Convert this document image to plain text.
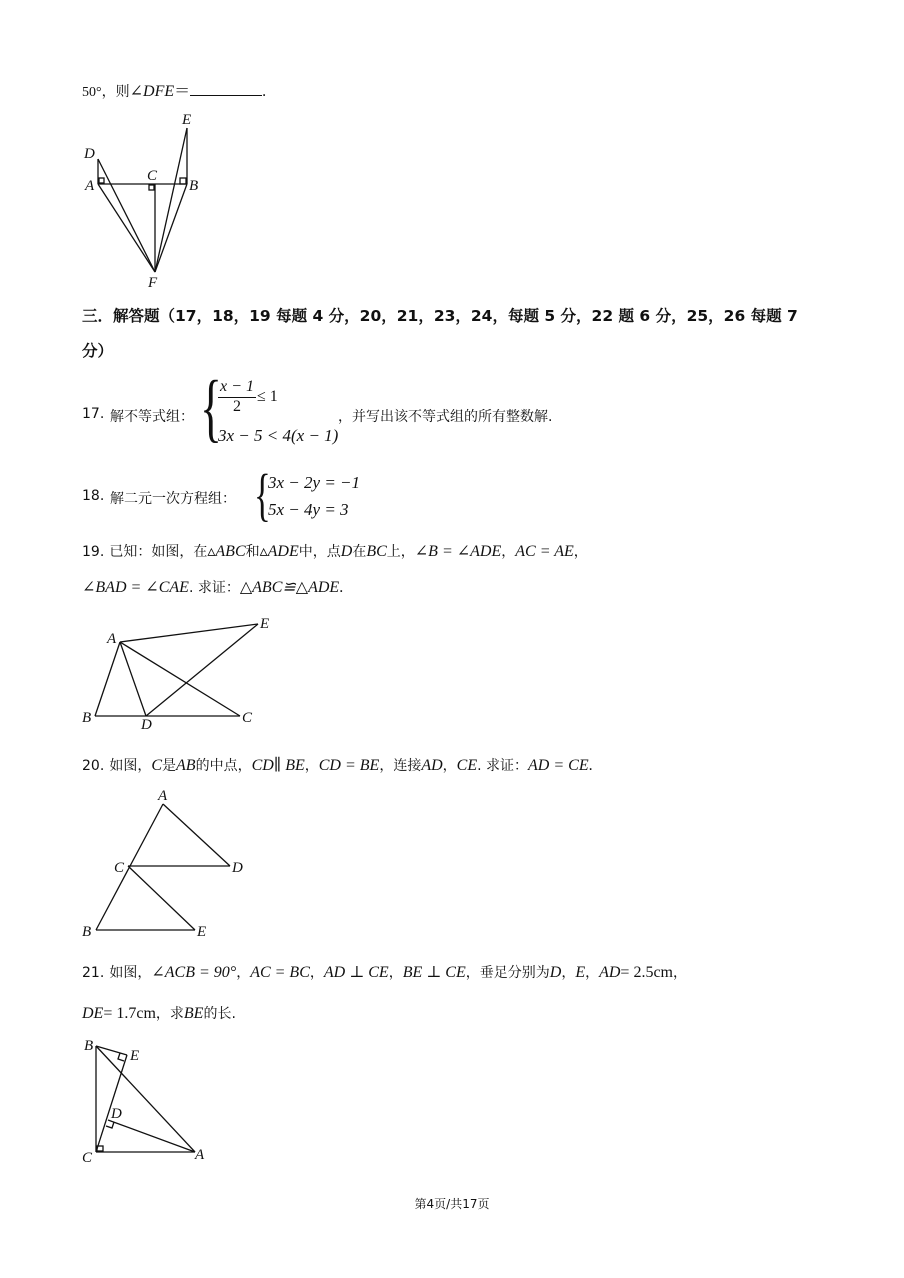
50°，则∠DFE＝	.
D
E
A
C
B
F
三．解答题（17，18，19 每题 4 分，20，21，23，24，每题 5 分，22 题 6 分，25，26 每题 7
分）
17. 解不等式组： {
$\frac{x - 1}{2} \le 1$
3x − 5 < 4(x − 1)
，并写出该不等式组的所有整数解.
18. 解二元一次方程组： {
3x − 2y = −1
5x − 4y = 3
19. 已知：如图，在▵ABC和▵ADE中，点D在BC上，∠B = ∠ADE，AC = AE，
∠BAD = ∠CAE. 求证：△ABC≌△ADE.
A
E
B	D	C
20. 如图，C是AB的中点，CD∥ BE，CD = BE，连接AD，CE. 求证：AD = CE.
A
C	D
B	E
21. 如图，∠ACB = 90°，AC = BC，AD ⊥ CE，BE ⊥ CE，垂足分别为D，E，AD= 2.5cm，
DE= 1.7cm，求BE的长.
B
E
D
C	A
第4页/共17页
